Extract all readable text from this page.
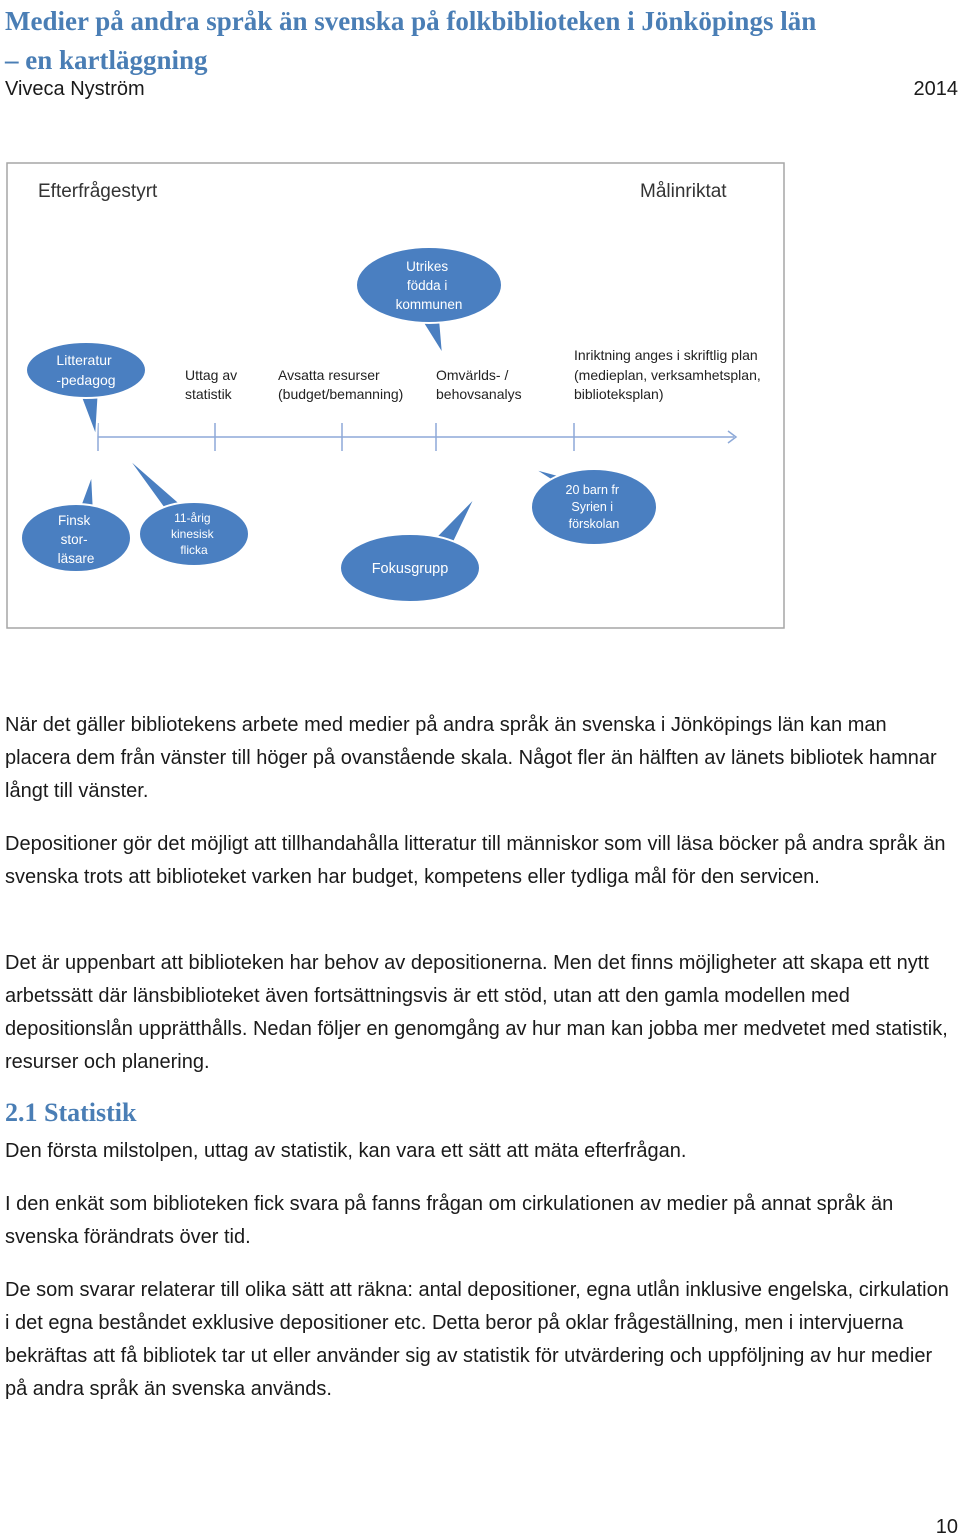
Medier på andra språk än svenska på folkbiblioteken i Jönköpings län
– en kartläggning
Viveca Nyström	2014
Efterfrågestyrt	Målinriktat
Uttag av statistik
Avsatta resurser (budget/bemanning)
Omvärlds- / behovsanalys
Inriktning anges i skriftlig plan (medieplan, verksamhetsplan, biblioteksplan)
Utrikes födda i kommunen
Litteratur -pedagog
Finsk stor- läsare
11-årig kinesisk flicka
Fokusgrupp
20 barn fr Syrien i förskolan

När det gäller bibliotekens arbete med medier på andra språk än svenska i Jönköpings län kan man placera dem från vänster till höger på ovanstående skala. Något fler än hälften av länets bibliotek hamnar långt till vänster.

Depositioner gör det möjligt att tillhandahålla litteratur till människor som vill läsa böcker på andra språk än svenska trots att biblioteket varken har budget, kompetens eller tydliga mål för den servicen.

Det är uppenbart att biblioteken har behov av depositionerna. Men det finns möjligheter att skapa ett nytt arbetssätt där länsbiblioteket även fortsättningsvis är ett stöd, utan att den gamla modellen med depositionslån upprätthålls. Nedan följer en genomgång av hur man kan jobba mer medvetet med statistik, resurser och planering.

2.1 Statistik

Den första milstolpen, uttag av statistik, kan vara ett sätt att mäta efterfrågan.

I den enkät som biblioteken fick svara på fanns frågan om cirkulationen av medier på annat språk än svenska förändrats över tid.

De som svarar relaterar till olika sätt att räkna: antal depositioner, egna utlån inklusive engelska, cirkulation i det egna beståndet exklusive depositioner etc. Detta beror på oklar frågeställning, men i intervjuerna bekräftas att få bibliotek tar ut eller använder sig av statistik för utvärdering och uppföljning av hur medier på andra språk än svenska används.

10
